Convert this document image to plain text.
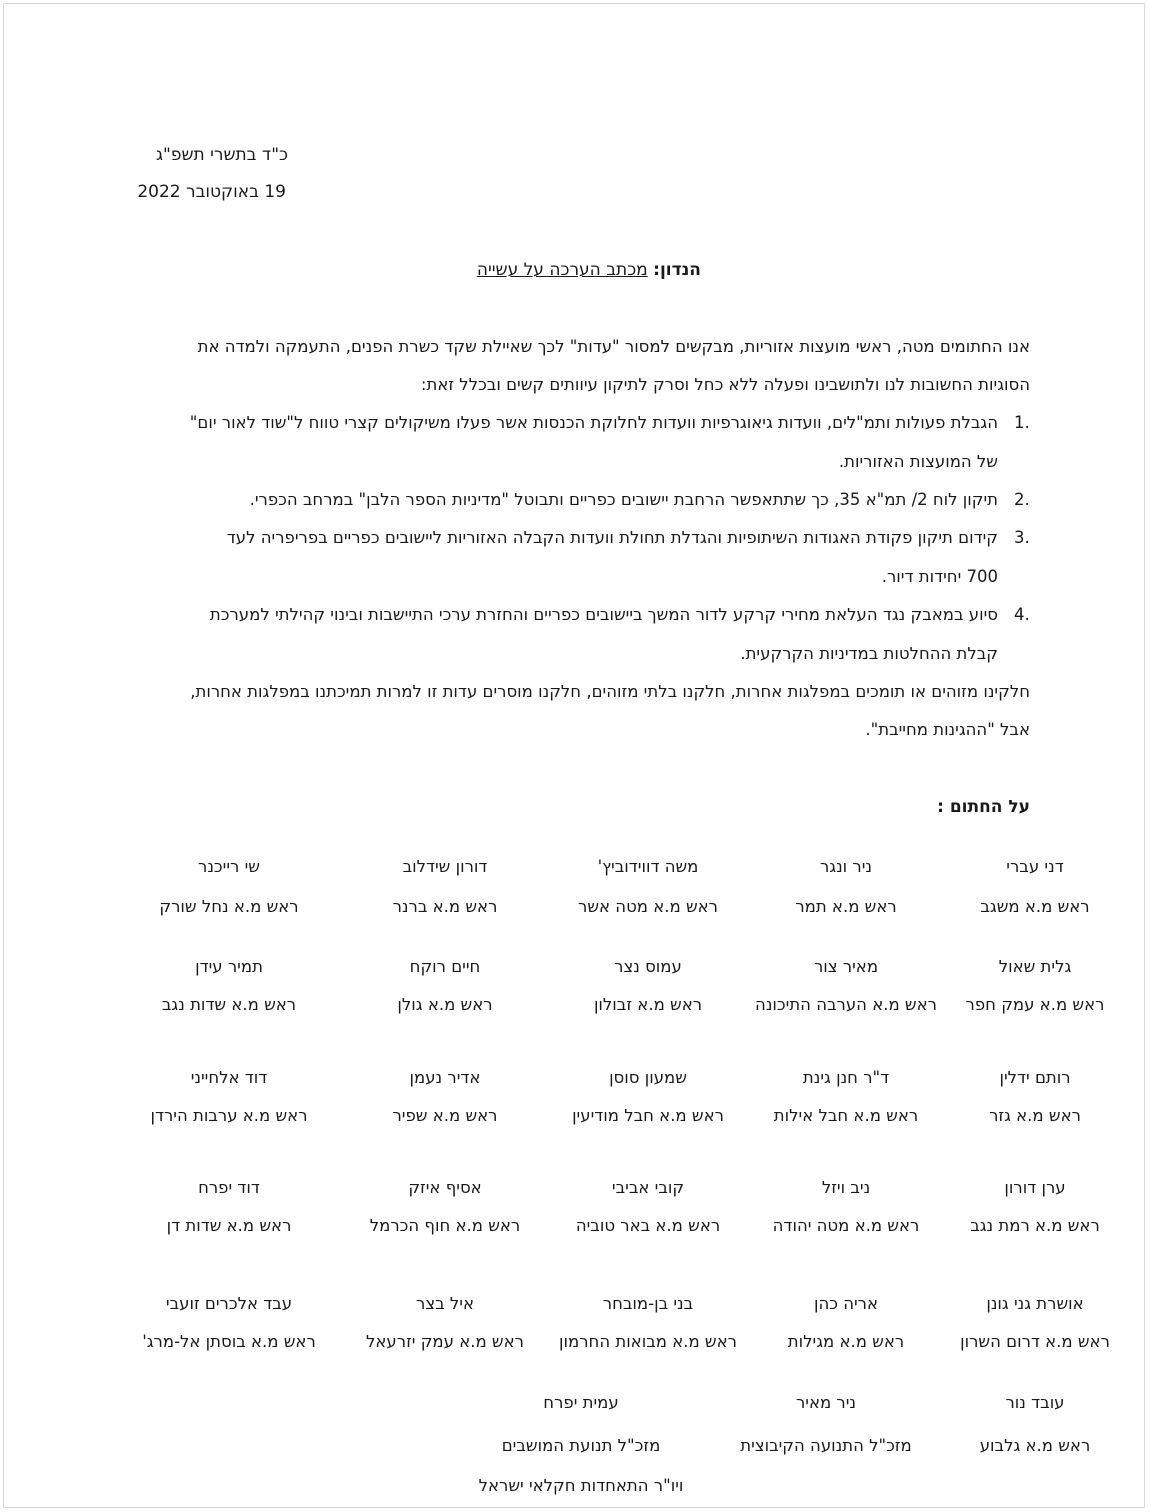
כ"ד בתשרי תשפ"ג
19 באוקטובר 2022
הנדון: מכתב הערכה על עשייה
אנו החתומים מטה, ראשי מועצות אזוריות, מבקשים למסור "עדות" לכך שאיילת שקד כשרת הפנים, התעמקה ולמדה את
הסוגיות החשובות לנו ולתושבינו ופעלה ללא כחל וסרק לתיקון עיוותים קשים ובכלל זאת:
1.
הגבלת פעולות ותמ"לים, וועדות גיאוגרפיות וועדות לחלוקת הכנסות אשר פעלו משיקולים קצרי טווח ל"שוד לאור יום"
של המועצות האזוריות.
2.
תיקון לוח 2/ תמ"א 35, כך שתתאפשר הרחבת יישובים כפריים ותבוטל "מדיניות הספר הלבן" במרחב הכפרי.
3.
קידום תיקון פקודת האגודות השיתופיות והגדלת תחולת וועדות הקבלה האזוריות ליישובים כפריים בפריפריה לעד
700 יחידות דיור.
4.
סיוע במאבק נגד העלאת מחירי קרקע לדור המשך ביישובים כפריים והחזרת ערכי התיישבות ובינוי קהילתי למערכת
קבלת ההחלטות במדיניות הקרקעית.
חלקינו מזוהים או תומכים במפלגות אחרות, חלקנו בלתי מזוהים, חלקנו מוסרים עדות זו למרות תמיכתנו במפלגות אחרות,
אבל "ההגינות מחייבת".
על החתום :
דני עברי
ראש מ.א משגב
ניר ונגר
ראש מ.א תמר
משה דווידוביץ'
ראש מ.א מטה אשר
דורון שידלוב
ראש מ.א ברנר
שי רייכנר
ראש מ.א נחל שורק
גלית שאול
ראש מ.א עמק חפר
מאיר צור
ראש מ.א הערבה התיכונה
עמוס נצר
ראש מ.א זבולון
חיים רוקח
ראש מ.א גולן
תמיר עידן
ראש מ.א שדות נגב
רותם ידלין
ראש מ.א גזר
ד"ר חנן גינת
ראש מ.א חבל אילות
שמעון סוסן
ראש מ.א חבל מודיעין
אדיר נעמן
ראש מ.א שפיר
דוד אלחייני
ראש מ.א ערבות הירדן
ערן דורון
ראש מ.א רמת נגב
ניב ויזל
ראש מ.א מטה יהודה
קובי אביבי
ראש מ.א באר טוביה
אסיף איזק
ראש מ.א חוף הכרמל
דוד יפרח
ראש מ.א שדות דן
אושרת גני גונן
ראש מ.א דרום השרון
אריה כהן
ראש מ.א מגילות
בני בן-מובחר
ראש מ.א מבואות החרמון
איל בצר
ראש מ.א עמק יזרעאל
עבד אלכרים זועבי
ראש מ.א בוסתן אל-מרג'
עובד נור
ראש מ.א גלבוע
ניר מאיר
מזכ"ל התנועה הקיבוצית
עמית יפרח
מזכ"ל תנועת המושבים
ויו"ר התאחדות חקלאי ישראל
